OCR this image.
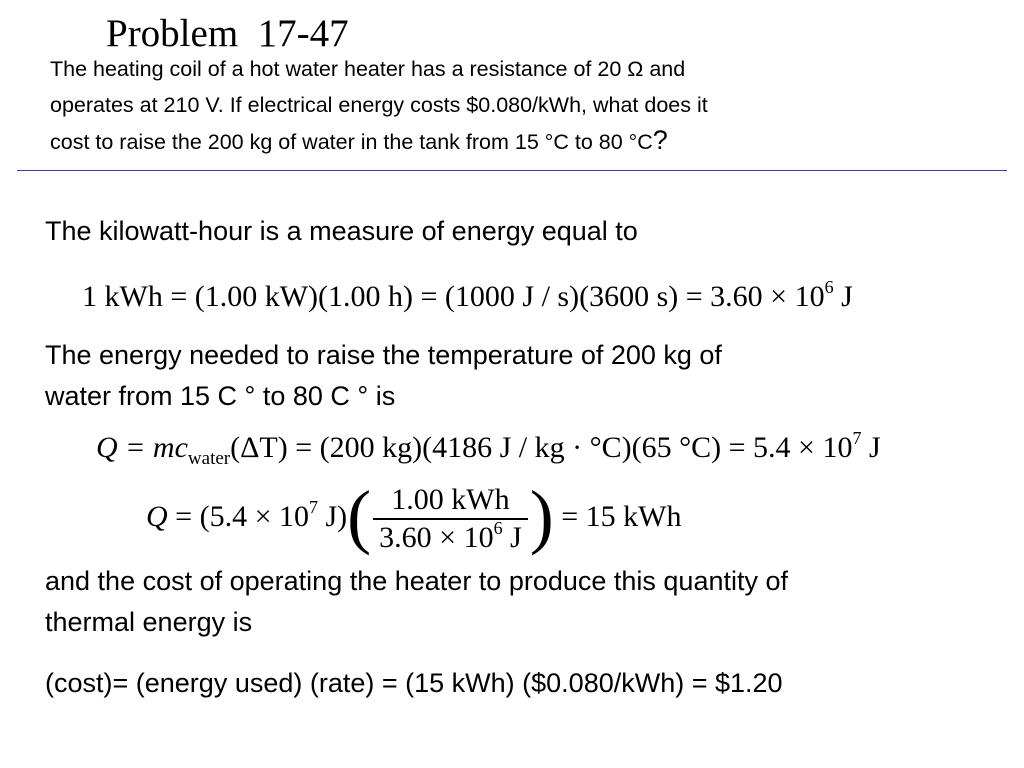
Problem  17-47
The heating coil of a hot water heater has a resistance of 20 Ω and
operates at 210 V. If electrical energy costs $0.080/kWh, what does it
cost to raise the 200 kg of water in the tank from 15 °C to 80 °C?
The kilowatt-hour is a measure of energy equal to
1 kWh = (1.00 kW)(1.00 h) = (1000 J / s)(3600 $s) = 3.60 \times 10^6$ J
The energy needed to raise the temperature of 200 kg of
water from 15 C ° to 80 C ° is
$Q = mc_{water}(\Delta T) = (200$ kg)(4186 J / kg · °C)(65 $^\circ C) = 5.4 \times 10^7$ J
$Q = (5.4 \times 10^7$ $J)( \frac{\text{1.00 kWh}}{3.60 \times 10^6 J}$ ) = 15 kWh
and the cost of operating the heater to produce this quantity of
thermal energy is
(cost)= (energy used) (rate) = (15 kWh) ($0.080/kWh) = $1.20
